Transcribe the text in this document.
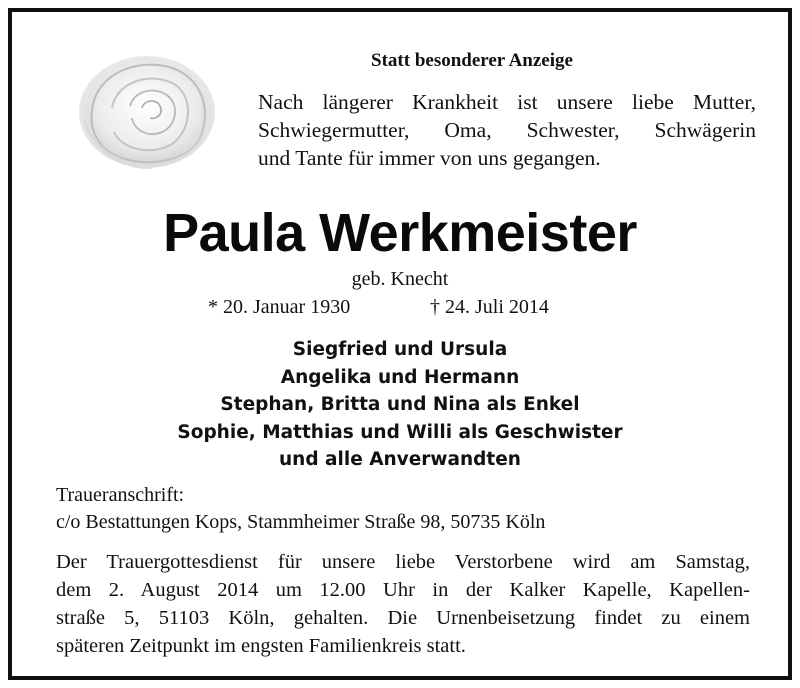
Statt besonderer Anzeige
Nach längerer Krankheit ist unsere liebe Mutter,
Schwiegermutter, Oma, Schwester, Schwägerin
und Tante für immer von uns gegangen.
Paula Werkmeister
geb. Knecht
* 20. Januar 1930	† 24. Juli 2014
Siegfried und Ursula
Angelika und Hermann
Stephan, Britta und Nina als Enkel
Sophie, Matthias und Willi als Geschwister
und alle Anverwandten
Traueranschrift:
c/o Bestattungen Kops, Stammheimer Straße 98, 50735 Köln
Der Trauergottesdienst für unsere liebe Verstorbene wird am Samstag,
dem 2. August 2014 um 12.00 Uhr in der Kalker Kapelle, Kapellen-
straße 5, 51103 Köln, gehalten. Die Urnenbeisetzung findet zu einem
späteren Zeitpunkt im engsten Familienkreis statt.
